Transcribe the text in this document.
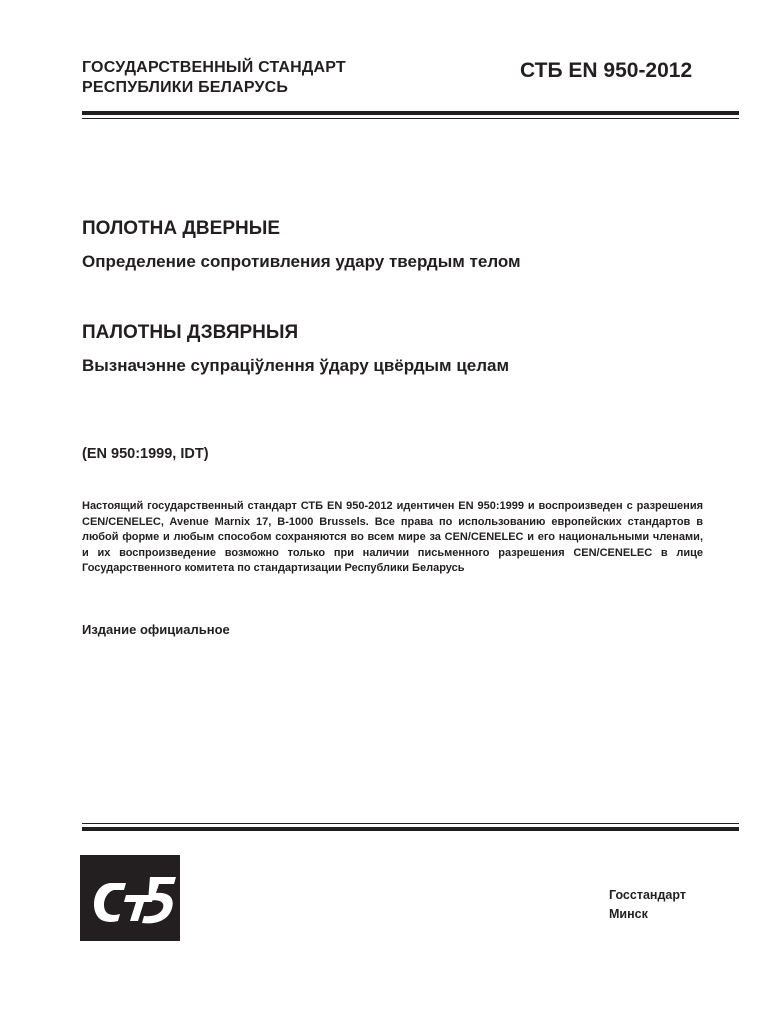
ГОСУДАРСТВЕННЫЙ СТАНДАРТ
РЕСПУБЛИКИ БЕЛАРУСЬ
СТБ EN 950-2012
ПОЛОТНА ДВЕРНЫЕ
Определение сопротивления удару твердым телом
ПАЛОТНЫ ДЗВЯРНЫЯ
Вызначэнне супраціўлення ўдару цвёрдым целам
(EN 950:1999, IDT)
Настоящий государственный стандарт СТБ EN 950-2012 идентичен EN 950:1999 и воспроизведен с разрешения CEN/CENELEC, Avenue Marnix 17, B-1000 Brussels. Все права по использованию европейских стандартов в любой форме и любым способом сохраняются во всем мире за CEN/CENELEC и его национальными членами, и их воспроизведение возможно только при наличии письменного разрешения CEN/CENELEC в лице Государственного комитета по стандартизации Республики Беларусь
Издание официальное
Госстандарт
Минск
